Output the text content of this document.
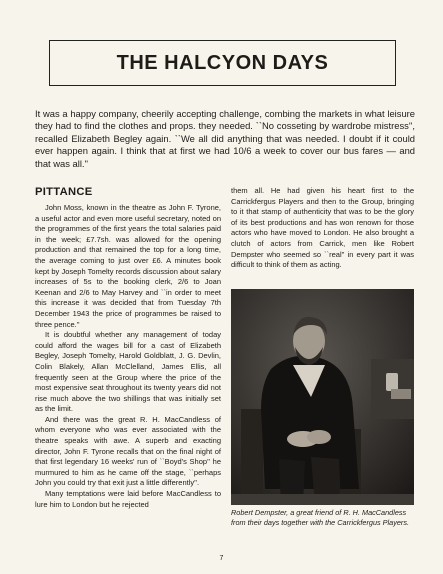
THE HALCYON DAYS

It was a happy company, cheerily accepting challenge, combing the markets in what leisure they had to find the clothes and props. they needed. ``No cosseting by wardrobe mistress'', recalled Elizabeth Begley again. ``We all did anything that was needed. I doubt if it could ever happen again. I think that at first we had 10/6 a week to cover our bus fares — and that was all.''

PITTANCE

John Moss, known in the theatre as John F. Tyrone, a useful actor and even more useful secretary, noted on the programmes of the first years the total salaries paid in the week; £7.7sh. was allowed for the opening production and that remained the top for a long time, the average coming to just over £6. A minutes book kept by Joseph Tomelty records discussion about salary increases of 5s to the booking clerk, 2/6 to Joan Keenan and 2/6 to May Harvey and ``in order to meet this increase it was decided that from Tuesday 7th December 1943 the price of programmes be raised to three pence.''

It is doubtful whether any management of today could afford the wages bill for a cast of Elizabeth Begley, Joseph Tomelty, Harold Goldblatt, J. G. Devlin, Colin Blakely, Allan McClelland, James Ellis, all frequently seen at the Group where the price of the most expensive seat throughout its twenty years did not rise much above the two shillings that was initially set as the limit.

And there was the great R. H. MacCandless of whom everyone who was ever associated with the theatre speaks with awe. A superb and exacting director, John F. Tyrone recalls that on the final night of that first legendary 16 weeks' run of ``Boyd's Shop'' he murmured to him as he came off the stage, ``perhaps John you could try that exit just a little differently''.

Many temptations were laid before MacCandless to lure him to London but he rejected

them all. He had given his heart first to the Carrickfergus Players and then to the Group, bringing to it that stamp of authenticity that was to be the glory of its best productions and has won renown for those actors who have moved to London. He also brought a clutch of actors from Carrick, men like Robert Dempster who seemed so ``real'' in every part it was difficult to think of them as acting.

Robert Dempster, a great friend of R. H. MacCandless from their days together with the Carrickfergus Players.

7
